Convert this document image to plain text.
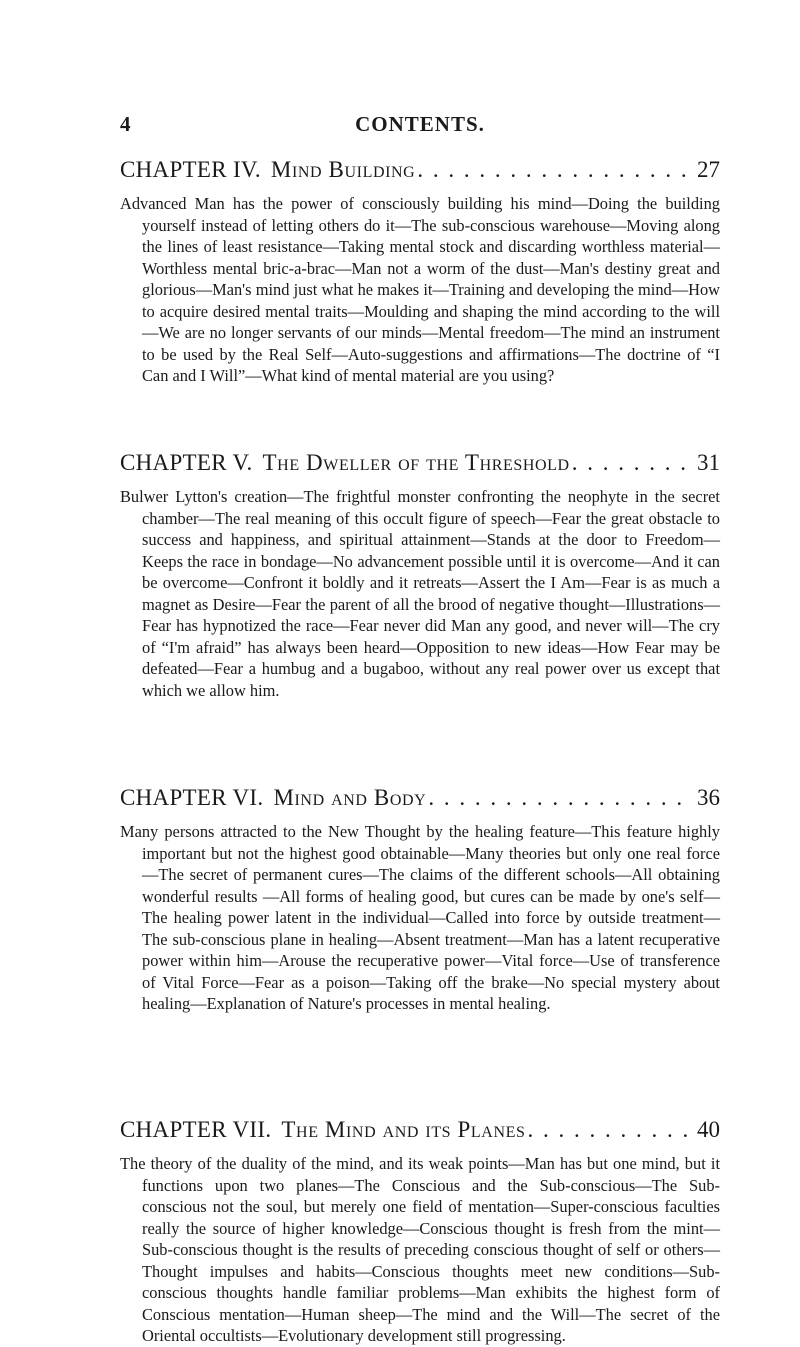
4	CONTENTS.
CHAPTER IV. Mind Building . . .	27

Advanced Man has the power of consciously building his mind—Doing the building yourself instead of letting others do it—The sub-conscious warehouse—Moving along the lines of least resistance—Taking mental stock and discarding worthless material—Worthless mental bric-a-brac—Man not a worm of the dust—Man's destiny great and glorious—Man's mind just what he makes it—Training and developing the mind—How to acquire desired mental traits—Moulding and shaping the mind according to the will—We are no longer servants of our minds—Mental freedom—The mind an instrument to be used by the Real Self—Auto-suggestions and affirmations—The doctrine of “I Can and I Will”—What kind of mental material are you using?

CHAPTER V. The Dweller of the Threshold . . .	31

Bulwer Lytton's creation—The frightful monster confronting the neophyte in the secret chamber—The real meaning of this occult figure of speech—Fear the great obstacle to success and happiness, and spiritual attainment—Stands at the door to Freedom—Keeps the race in bondage—No advancement possible until it is overcome—And it can be overcome—Confront it boldly and it retreats—Assert the I Am—Fear is as much a magnet as Desire—Fear the parent of all the brood of negative thought—Illustrations—Fear has hypnotized the race—Fear never did Man any good, and never will—The cry of “I'm afraid” has always been heard—Opposition to new ideas—How Fear may be defeated—Fear a humbug and a bugaboo, without any real power over us except that which we allow him.

CHAPTER VI. Mind and Body . . .	36

Many persons attracted to the New Thought by the healing feature—This feature highly important but not the highest good obtainable—Many theories but only one real force—The secret of permanent cures—The claims of the different schools—All obtaining wonderful results —All forms of healing good, but cures can be made by one's self—The healing power latent in the individual—Called into force by outside treatment—The sub-conscious plane in healing—Absent treatment—Man has a latent recuperative power within him—Arouse the recuperative power—Vital force—Use of transference of Vital Force—Fear as a poison—Taking off the brake—No special mystery about healing—Explanation of Nature's processes in mental healing.

CHAPTER VII. The Mind and its Planes . . .	40

The theory of the duality of the mind, and its weak points—Man has but one mind, but it functions upon two planes—The Conscious and the Sub-conscious—The Sub-conscious not the soul, but merely one field of mentation—Super-conscious faculties really the source of higher knowledge—Conscious thought is fresh from the mint—Sub-conscious thought is the results of preceding conscious thought of self or others—Thought impulses and habits—Conscious thoughts meet new conditions—Sub-conscious thoughts handle familiar problems—Man exhibits the highest form of Conscious mentation—Human sheep—The mind and the Will—The secret of the Oriental occultists—Evolutionary development still progressing.
